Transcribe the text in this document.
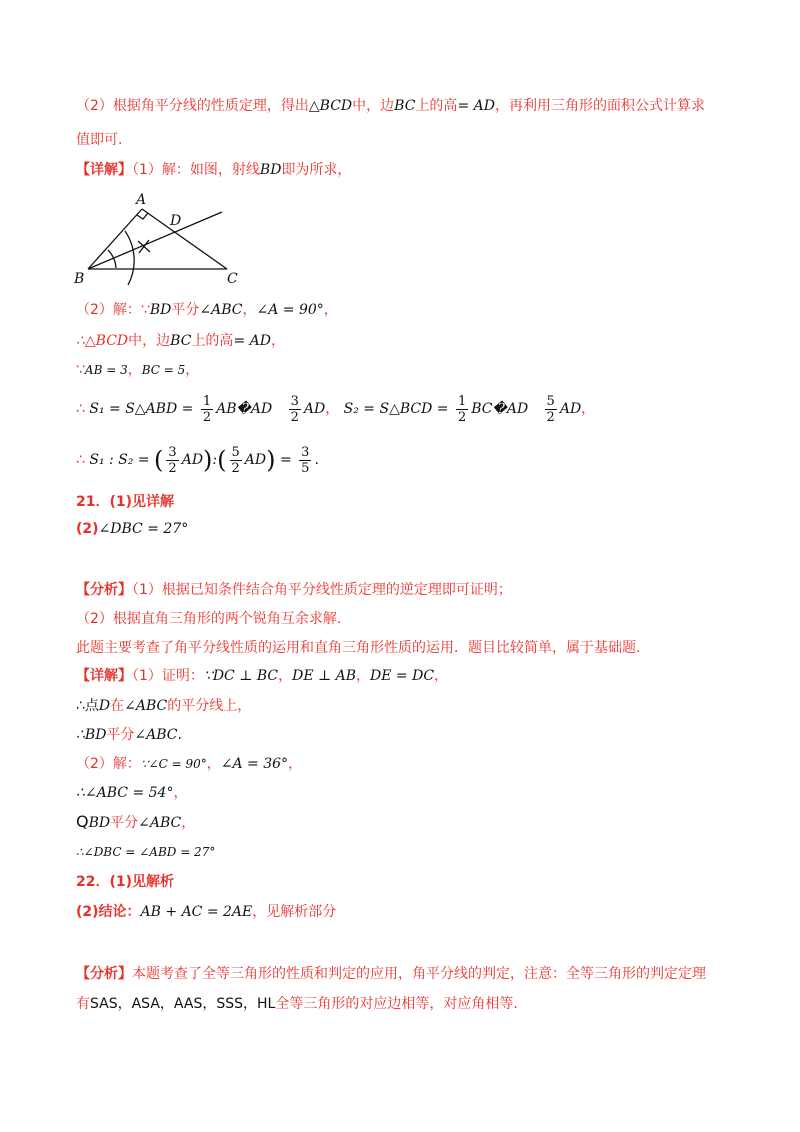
（2）根据角平分线的性质定理，得出△BCD中，边BC上的高= AD，再利用三角形的面积公式计算求
值即可.
【详解】（1）解：如图，射线BD即为所求，
A
D
B	C
（2）解：∵BD平分∠ABC，∠A = 90°，
∴△BCD中，边BC上的高= AD，
∵AB = 3，BC = 5，
∴ S₁ = S△ABD = $\frac{1}{2}$ AB�AD $\frac{3}{2}$ AD， S₂ = S△BCD = $\frac{1}{2}$ BC�AD $\frac{5}{2}$ AD，
∴ S₁ : S₂ = ( $\frac{3}{2}$ AD):( $\frac{5}{2} AD) = \frac{3}{5}$ .
21．(1)见详解
(2)∠DBC = 27°
【分析】（1）根据已知条件结合角平分线性质定理的逆定理即可证明；
（2）根据直角三角形的两个锐角互余求解.
此题主要考查了角平分线性质的运用和直角三角形性质的运用．题目比较简单，属于基础题.
【详解】（1）证明：∵DC ⊥ BC，DE ⊥ AB，DE = DC，
∴点D在∠ABC的平分线上，
∴BD平分∠ABC.
（2）解：∵∠C = 90°，∠A = 36°，
∴∠ABC = 54°，
QBD平分∠ABC，
∴∠DBC = ∠ABD = 27°
22．(1)见解析
(2)结论：AB + AC = 2AE，见解析部分
【分析】本题考查了全等三角形的性质和判定的应用，角平分线的判定，注意：全等三角形的判定定理
有SAS，ASA，AAS，SSS，HL全等三角形的对应边相等，对应角相等.
